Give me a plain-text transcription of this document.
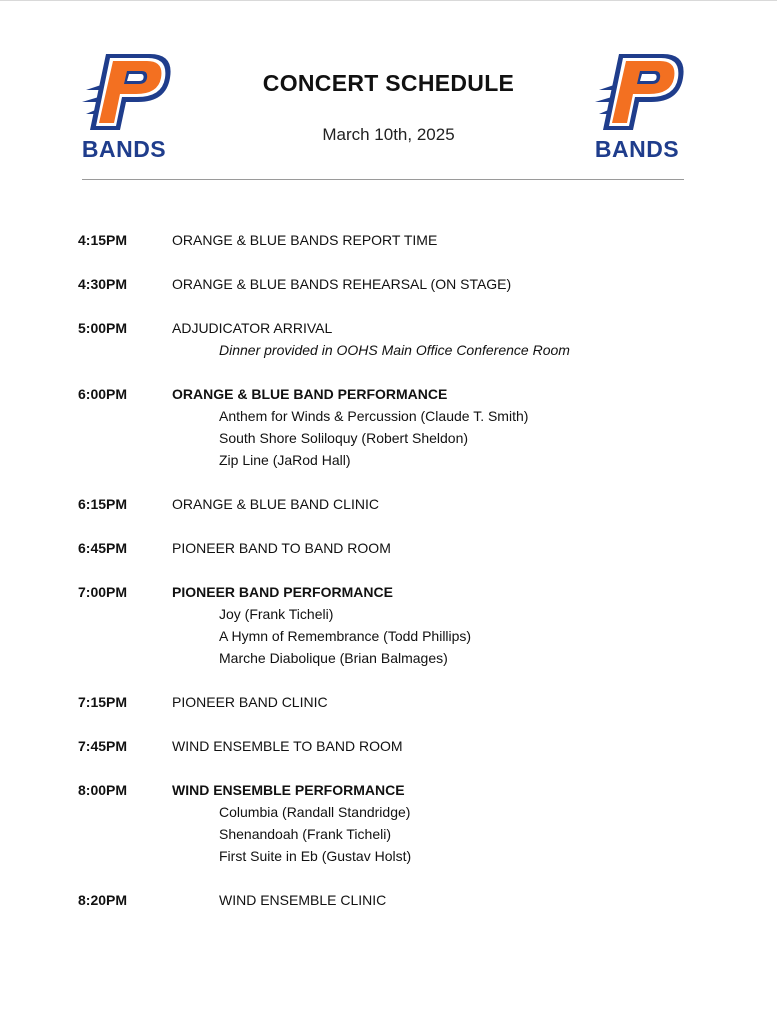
BANDS	BANDS
CONCERT SCHEDULE
March 10th, 2025
4:15PM	ORANGE & BLUE BANDS REPORT TIME
4:30PM	ORANGE & BLUE BANDS REHEARSAL (ON STAGE)
5:00PM	ADJUDICATOR ARRIVAL
Dinner provided in OOHS Main Office Conference Room
6:00PM	ORANGE & BLUE BAND PERFORMANCE
Anthem for Winds & Percussion (Claude T. Smith)
South Shore Soliloquy (Robert Sheldon)
Zip Line (JaRod Hall)
6:15PM	ORANGE & BLUE BAND CLINIC
6:45PM	PIONEER BAND TO BAND ROOM
7:00PM	PIONEER BAND PERFORMANCE
Joy (Frank Ticheli)
A Hymn of Remembrance (Todd Phillips)
Marche Diabolique (Brian Balmages)
7:15PM	PIONEER BAND CLINIC
7:45PM	WIND ENSEMBLE TO BAND ROOM
8:00PM	WIND ENSEMBLE PERFORMANCE
Columbia (Randall Standridge)
Shenandoah (Frank Ticheli)
First Suite in Eb (Gustav Holst)
8:20PM	WIND ENSEMBLE CLINIC
